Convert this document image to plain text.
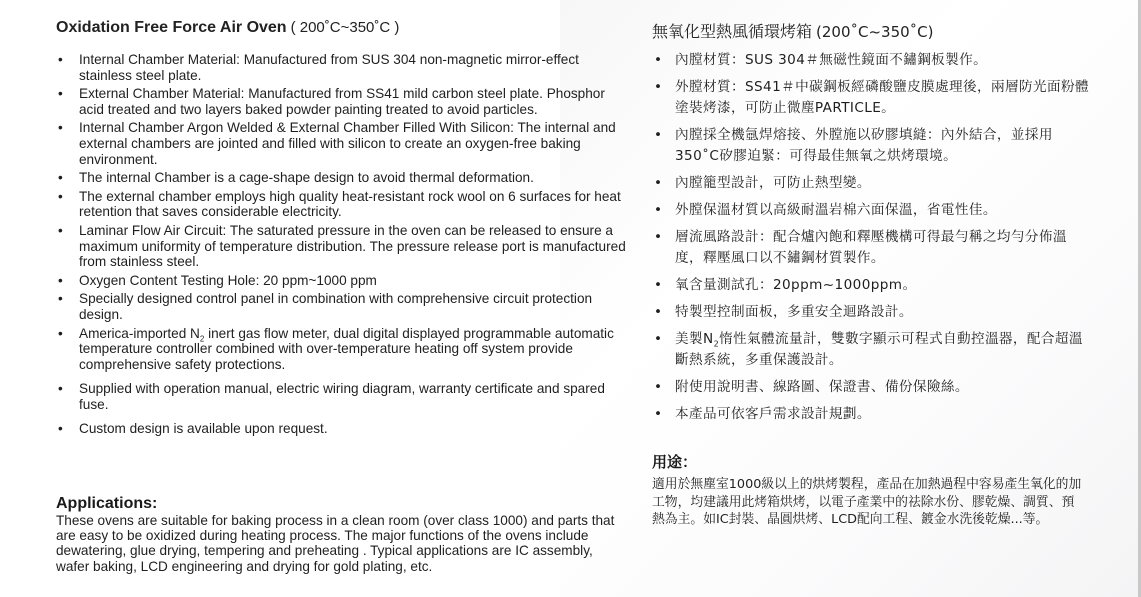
Oxidation Free Force Air Oven ( 200˚C~350˚C )
• Internal Chamber Material: Manufactured from SUS 304 non-magnetic mirror-effect stainless steel plate.
• External Chamber Material: Manufactured from SS41 mild carbon steel plate. Phosphor acid treated and two layers baked powder painting treated to avoid particles.
• Internal Chamber Argon Welded & External Chamber Filled With Silicon: The internal and external chambers are jointed and filled with silicon to create an oxygen-free baking environment.
• The internal Chamber is a cage-shape design to avoid thermal deformation.
• The external chamber employs high quality heat-resistant rock wool on 6 surfaces for heat retention that saves considerable electricity.
• Laminar Flow Air Circuit: The saturated pressure in the oven can be released to ensure a maximum uniformity of temperature distribution. The pressure release port is manufactured from stainless steel.
• Oxygen Content Testing Hole: 20 ppm~1000 ppm
• Specially designed control panel in combination with comprehensive circuit protection design.
• America-imported $N_2$ inert gas flow meter, dual digital displayed programmable automatic temperature controller combined with over-temperature heating off system provide comprehensive safety protections.
• Supplied with operation manual, electric wiring diagram, warranty certificate and spared fuse.
• Custom design is available upon request.
Applications:

These ovens are suitable for baking process in a clean room (over class 1000) and parts that are easy to be oxidized during heating process. The major functions of the ovens include dewatering, glue drying, tempering and preheating . Typical applications are IC assembly, wafer baking, LCD engineering and drying for gold plating, etc.

無氧化型熱風循環烤箱 (200˚C~350˚C)
• 內膛材質：SUS 304＃無磁性鏡面不鏽鋼板製作。
• 外膛材質：SS41＃中碳鋼板經磷酸鹽皮膜處理後，兩層防光面粉體塗裝烤漆，可防止微塵PARTICLE。
• 內膛採全機氬焊熔接、外膛施以矽膠填縫：內外結合，並採用350˚C矽膠迫緊：可得最佳無氧之烘烤環境。
• 內膛籠型設計，可防止熱型變。
• 外膛保溫材質以高級耐溫岩棉六面保溫，省電性佳。
• 層流風路設計：配合爐內飽和釋壓機構可得最勻稱之均勻分佈溫度，釋壓風口以不鏽鋼材質製作。
• 氧含量測試孔：20ppm~1000ppm。
• 特製型控制面板，多重安全迴路設計。
• 美製$N_2$惰性氣體流量計，雙數字顯示可程式自動控溫器，配合超溫斷熱系統，多重保護設計。
• 附使用說明書、線路圖、保證書、備份保險絲。
• 本產品可依客戶需求設計規劃。
用途：

適用於無塵室1000級以上的烘烤製程，產品在加熱過程中容易產生氧化的加工物，均建議用此烤箱烘烤，以電子產業中的祛除水份、膠乾燥、調質、預熱為主。如IC封裝、晶圓烘烤、LCD配向工程、鍍金水洗後乾燥...等。
